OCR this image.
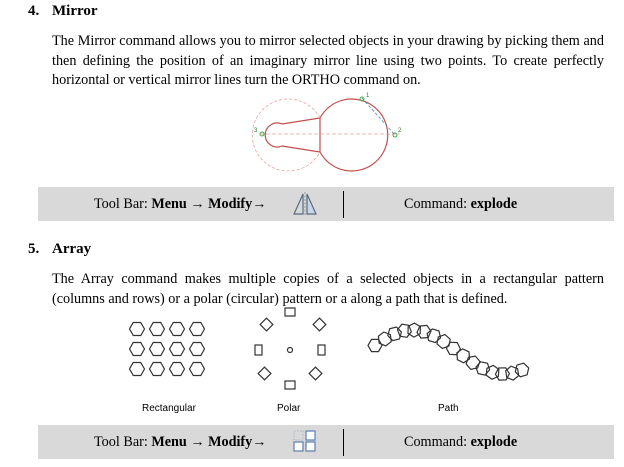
4. Mirror
The Mirror command allows you to mirror selected objects in your drawing by picking them and then defining the position of an imaginary mirror line using two points. To create perfectly horizontal or vertical mirror lines turn the ORTHO command on.
1
2
3
Tool Bar: Menu → Modify→	Command: explode
5. Array
The Array command makes multiple copies of a selected objects in a rectangular pattern (columns and rows) or a polar (circular) pattern or a along a path that is defined.
Rectangular	Polar	Path
Tool Bar: Menu → Modify→	Command: explode
